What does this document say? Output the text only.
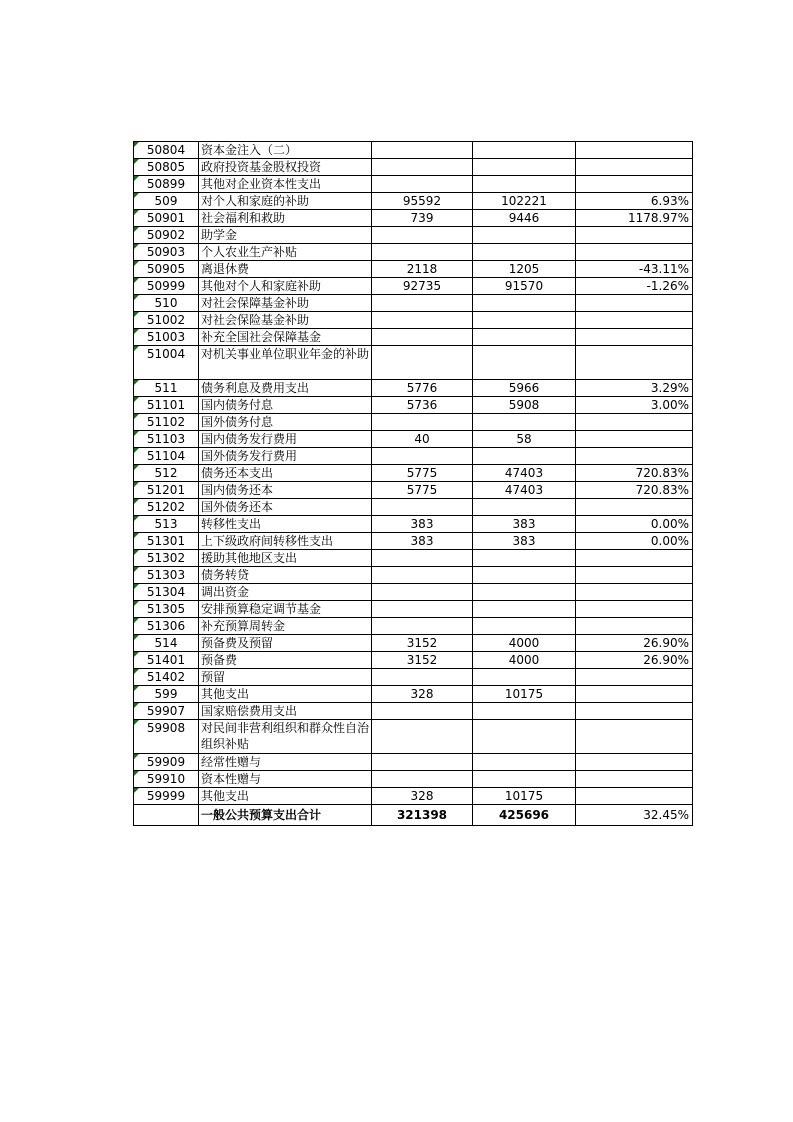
50804	资本金注入（二）			
50805	政府投资基金股权投资			
50899	其他对企业资本性支出			
509	对个人和家庭的补助	95592	102221	6.93%
50901	社会福利和救助	739	9446	1178.97%
50902	助学金			
50903	个人农业生产补贴			
50905	离退休费	2118	1205	-43.11%
50999	其他对个人和家庭补助	92735	91570	-1.26%
510	对社会保障基金补助			
51002	对社会保险基金补助			
51003	补充全国社会保障基金			
51004	对机关事业单位职业年金的补助			
511	债务利息及费用支出	5776	5966	3.29%
51101	国内债务付息	5736	5908	3.00%
51102	国外债务付息			
51103	国内债务发行费用	40	58	
51104	国外债务发行费用			
512	债务还本支出	5775	47403	720.83%
51201	国内债务还本	5775	47403	720.83%
51202	国外债务还本			
513	转移性支出	383	383	0.00%
51301	上下级政府间转移性支出	383	383	0.00%
51302	援助其他地区支出			
51303	债务转贷			
51304	调出资金			
51305	安排预算稳定调节基金			
51306	补充预算周转金			
514	预备费及预留	3152	4000	26.90%
51401	预备费	3152	4000	26.90%
51402	预留			
599	其他支出	328	10175	
59907	国家赔偿费用支出			
59908	对民间非营利组织和群众性自治组织补贴			
59909	经常性赠与			
59910	资本性赠与			
59999	其他支出	328	10175	
	一般公共预算支出合计	321398	425696	32.45%
